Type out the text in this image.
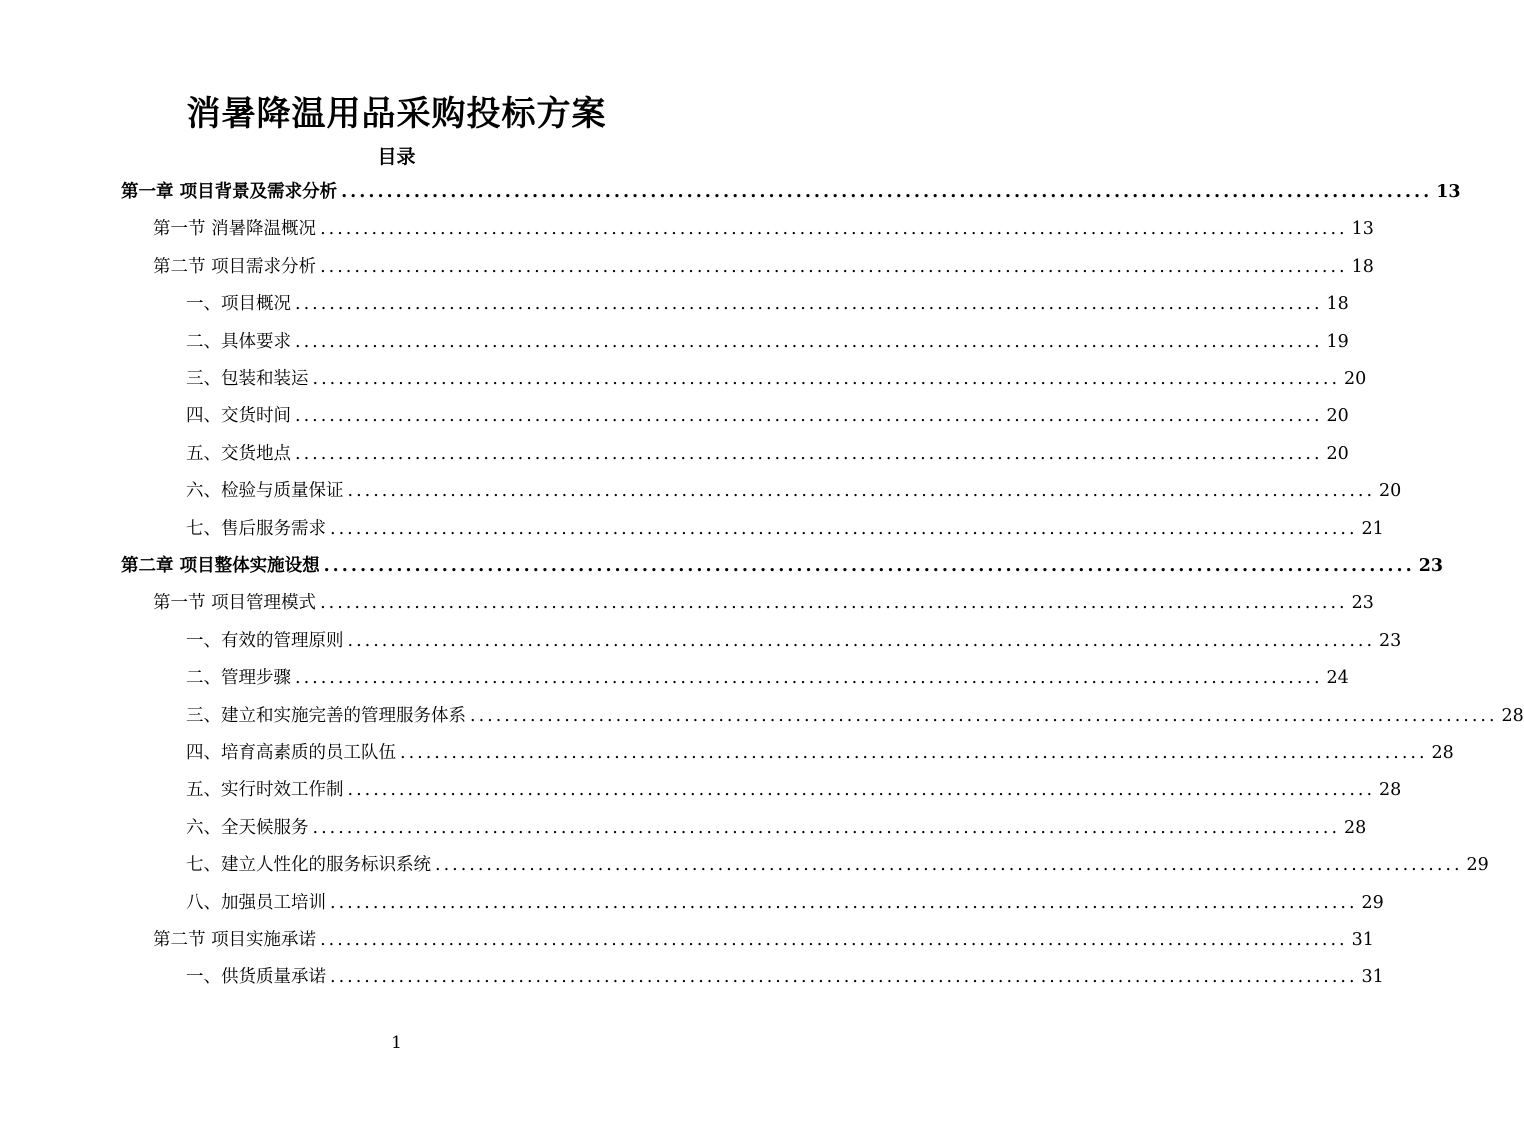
消暑降温用品采购投标方案
目录
第一章 项目背景及需求分析 ........................................................................................................................ 13
第一节 消暑降温概况 ........................................................................................................................ 13
第二节 项目需求分析 ........................................................................................................................ 18
一、项目概况 ........................................................................................................................ 18
二、具体要求 ........................................................................................................................ 19
三、包装和装运 ........................................................................................................................ 20
四、交货时间 ........................................................................................................................ 20
五、交货地点 ........................................................................................................................ 20
六、检验与质量保证 ........................................................................................................................ 20
七、售后服务需求 ........................................................................................................................ 21
第二章 项目整体实施设想 ........................................................................................................................ 23
第一节 项目管理模式 ........................................................................................................................ 23
一、有效的管理原则 ........................................................................................................................ 23
二、管理步骤 ........................................................................................................................ 24
三、建立和实施完善的管理服务体系 ........................................................................................................................ 28
四、培育高素质的员工队伍 ........................................................................................................................ 28
五、实行时效工作制 ........................................................................................................................ 28
六、全天候服务 ........................................................................................................................ 28
七、建立人性化的服务标识系统 ........................................................................................................................ 29
八、加强员工培训 ........................................................................................................................ 29
第二节 项目实施承诺 ........................................................................................................................ 31
一、供货质量承诺 ........................................................................................................................ 31
1
